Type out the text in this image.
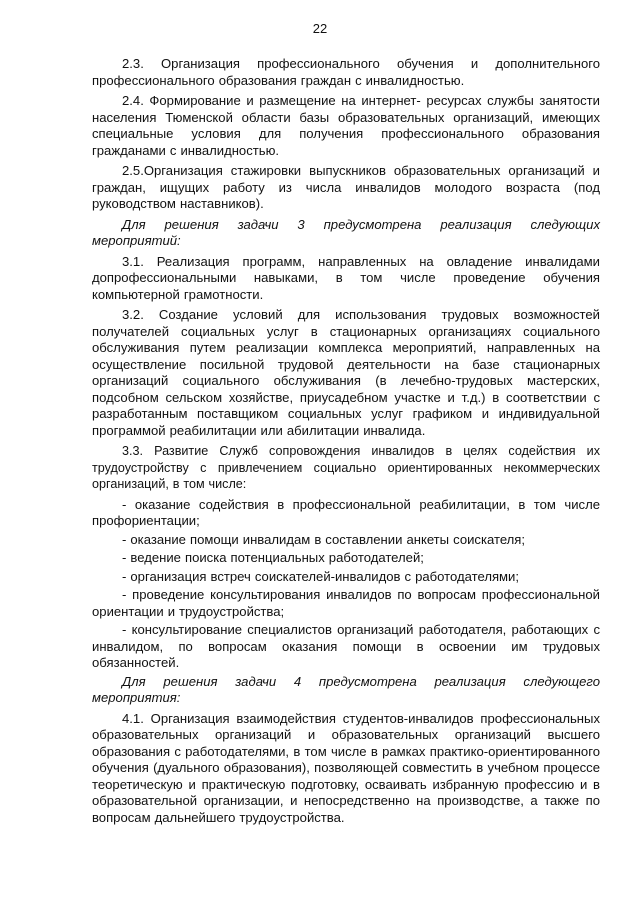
22

2.3. Организация профессионального обучения и дополнительного профессионального образования граждан с инвалидностью.

2.4. Формирование и размещение на интернет- ресурсах службы занятости населения Тюменской области базы образовательных организаций, имеющих специальные условия для получения профессионального образования гражданами с инвалидностью.

2.5.Организация стажировки выпускников образовательных организаций и граждан, ищущих работу из числа инвалидов молодого возраста (под руководством наставников).

Для решения задачи 3 предусмотрена реализация следующих мероприятий:

3.1. Реализация программ, направленных на овладение инвалидами допрофессиональными навыками, в том числе проведение обучения компьютерной грамотности.

3.2. Создание условий для использования трудовых возможностей получателей социальных услуг в стационарных организациях социального обслуживания путем реализации комплекса мероприятий, направленных на осуществление посильной трудовой деятельности на базе стационарных организаций социального обслуживания (в лечебно-трудовых мастерских, подсобном сельском хозяйстве, приусадебном участке и т.д.) в соответствии с разработанным поставщиком социальных услуг графиком и индивидуальной программой реабилитации или абилитации инвалида.

3.3. Развитие Служб сопровождения инвалидов в целях содействия их трудоустройству с привлечением социально ориентированных некоммерческих организаций, в том числе:

- оказание содействия в профессиональной реабилитации, в том числе профориентации;

- оказание помощи инвалидам в составлении анкеты соискателя;

- ведение поиска потенциальных работодателей;

- организация встреч соискателей-инвалидов с работодателями;

- проведение консультирования инвалидов по вопросам профессиональной ориентации и трудоустройства;

- консультирование специалистов организаций работодателя, работающих с инвалидом, по вопросам оказания помощи в освоении им трудовых обязанностей.

Для решения задачи 4 предусмотрена реализация следующего мероприятия:

4.1. Организация взаимодействия студентов-инвалидов профессиональных образовательных организаций и образовательных организаций высшего образования с работодателями, в том числе в рамках практико-ориентированного обучения (дуального образования), позволяющей совместить в учебном процессе теоретическую и практическую подготовку, осваивать избранную профессию и в образовательной организации, и непосредственно на производстве, а также по вопросам дальнейшего трудоустройства.
